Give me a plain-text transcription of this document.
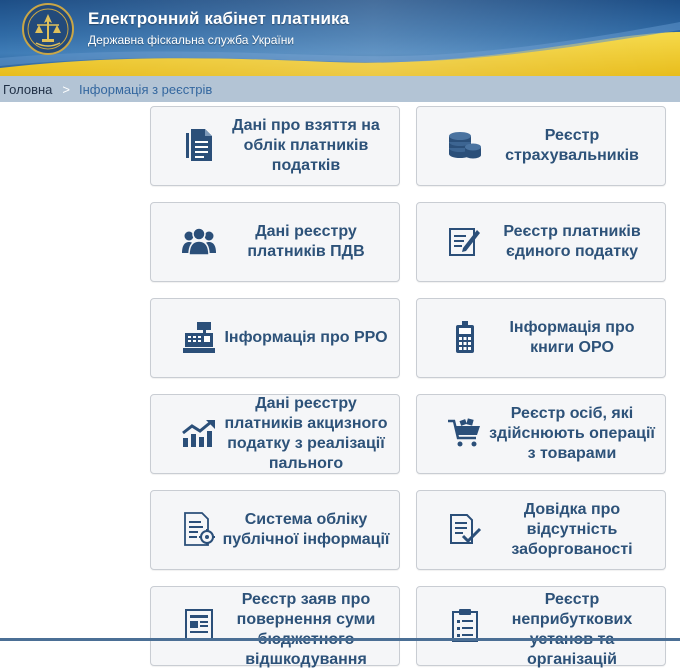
Електронний кабінет платника
Державна фіскальна служба України
Головна > Інформація з реєстрів
Дані про взяття на облік платників податків
Реєстр страхувальників
Дані реєстру платників ПДВ
Реєстр платників єдиного податку
Інформація про РРО
Інформація про книги ОРО
Дані реєстру платників акцизного податку з реалізації пального
Реєстр осіб, які здійснюють операції з товарами
Система обліку публічної інформації
Довідка про відсутність заборгованості
Реєстр заяв про повернення суми відшкодування
Реєстр неприбуткових організацій
